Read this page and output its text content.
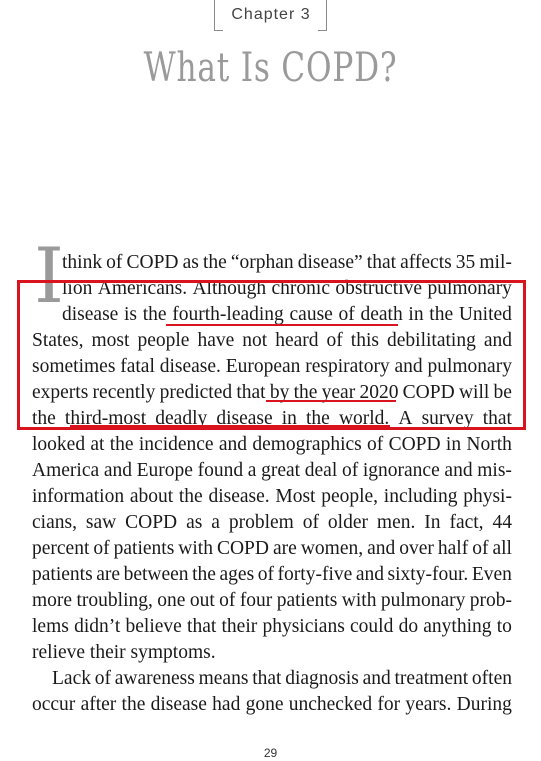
Chapter 3
What Is COPD?
I
think of COPD as the “orphan disease” that affects 35 mil-
lion Americans. Although chronic obstructive pulmonary
disease is the fourth-leading cause of death in the United
States, most people have not heard of this debilitating and
sometimes fatal disease. European respiratory and pulmonary
experts recently predicted that by the year 2020 COPD will be
the third-most deadly disease in the world. A survey that
looked at the incidence and demographics of COPD in North
America and Europe found a great deal of ignorance and mis-
information about the disease. Most people, including physi-
cians, saw COPD as a problem of older men. In fact, 44
percent of patients with COPD are women, and over half of all
patients are between the ages of forty-five and sixty-four. Even
more troubling, one out of four patients with pulmonary prob-
lems didn’t believe that their physicians could do anything to
relieve their symptoms.
Lack of awareness means that diagnosis and treatment often
occur after the disease had gone unchecked for years. During
29
